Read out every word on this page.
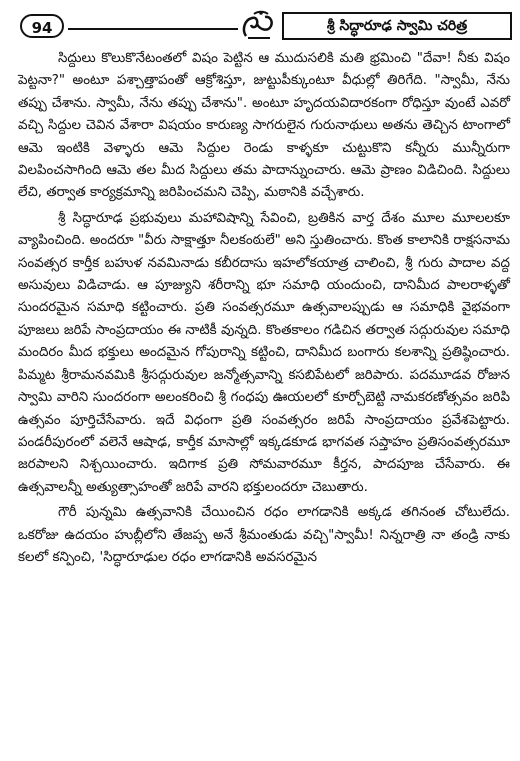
94	శ్రీ సిద్ధారూఢ స్వామి చరిత్ర

సిద్దులు కొలుకొనేటంతలో విషం పెట్టిన ఆ ముదుసలికి మతి భ్రమించి "దేవా! నీకు విషం పెట్టనా?" అంటూ పశ్చాత్తాపంతో ఆక్రోశిస్తూ, జుట్టుపీక్కుంటూ వీధుల్లో తిరిగేది. "స్వామీ, నేను తప్పు చేశాను. స్వామీ, నేను తప్పు చేశాను". అంటూ హృదయవిదారకంగా రోధిస్తూ వుంటే ఎవరో వచ్చి సిద్దుల చెవిన వేశారా విషయం కారుణ్య సాగరులైన గురునాథులు అతను తెచ్చిన టాంగాలో ఆమె ఇంటికి వెళ్ళారు ఆమె సిద్దుల రెండు కాళ్ళకూ చుట్టుకొని కన్నీరు మున్నీరుగా విలపించసాగింది ఆమె తల మీద సిద్దులు తమ పాదాన్నుంచారు. ఆమె ప్రాణం విడిచింది. సిద్దులు లేచి, తర్వాత కార్యక్రమాన్ని జరిపించమని చెప్పి, మఠానికి వచ్చేశారు.

శ్రీ సిద్ధారూఢ ప్రభువులు మహావిషాన్ని సేవించి, బ్రతికిన వార్త దేశం మూల మూలలకూ వ్యాపించింది. అందరూ "వీరు సాక్షాత్తూ నీలకంఠులే" అని స్తుతించారు. కొంత కాలానికి రాక్షసనామ సంవత్సర కార్తీక బహుళ నవమినాడు కబీరదాసు ఇహలోకయాత్ర చాలించి, శ్రీ గురు పాదాల వద్ద అసువులు విడిచాడు. ఆ పూజ్యుని శరీరాన్ని భూ సమాధి యందుంచి, దానిమీద పాలరాళ్ళతో సుందరమైన సమాధి కట్టించారు. ప్రతి సంవత్సరమూ ఉత్సవాలప్పుడు ఆ సమాధికి వైభవంగా పూజలు జరిపే సాంప్రదాయం ఈ నాటికీ వున్నది. కొంతకాలం గడిచిన తర్వాత సద్గురువుల సమాధి మందిరం మీద భక్తులు అందమైన గోపురాన్ని కట్టించి, దానిమీద బంగారు కలశాన్ని ప్రతిష్ఠించారు. పిమ్మట శ్రీరామనవమికి శ్రీసద్గురువుల జన్మోత్సవాన్ని కసబిపేటలో జరిపారు. పదమూడవ రోజున స్వామి వారిని సుందరంగా అలంకరించి శ్రీ గంధపు ఊయలలో కూర్చోబెట్టి నామకరణోత్సవం జరిపి ఉత్సవం పూర్తిచేసేవారు. ఇదే విధంగా ప్రతి సంవత్సరం జరిపే సాంప్రదాయం ప్రవేశపెట్టారు. పండరీపురంలో వలెనే ఆషాఢ, కార్తీక మాసాల్లో ఇక్కడకూడ భాగవత సప్తాహం ప్రతిసంవత్సరమూ జరపాలని నిశ్చయించారు. ఇదిగాక ప్రతి సోమవారమూ కీర్తన, పాదపూజ చేసేవారు. ఈ ఉత్సవాలన్నీ అత్యుత్సాహంతో జరిపే వారని భక్తులందరూ చెబుతారు.

గౌరీ పున్నమి ఉత్సవానికి చేయించిన రధం లాగడానికి అక్కడ తగినంత చోటులేదు. ఒకరోజు ఉదయం హుబ్లీలోని తేజప్ప అనే శ్రీమంతుడు వచ్చి"స్వామీ! నిన్నరాత్రి నా తండ్రి నాకు కలలో కన్పించి, 'సిద్ధారూఢుల రధం లాగడానికి అవసరమైన
